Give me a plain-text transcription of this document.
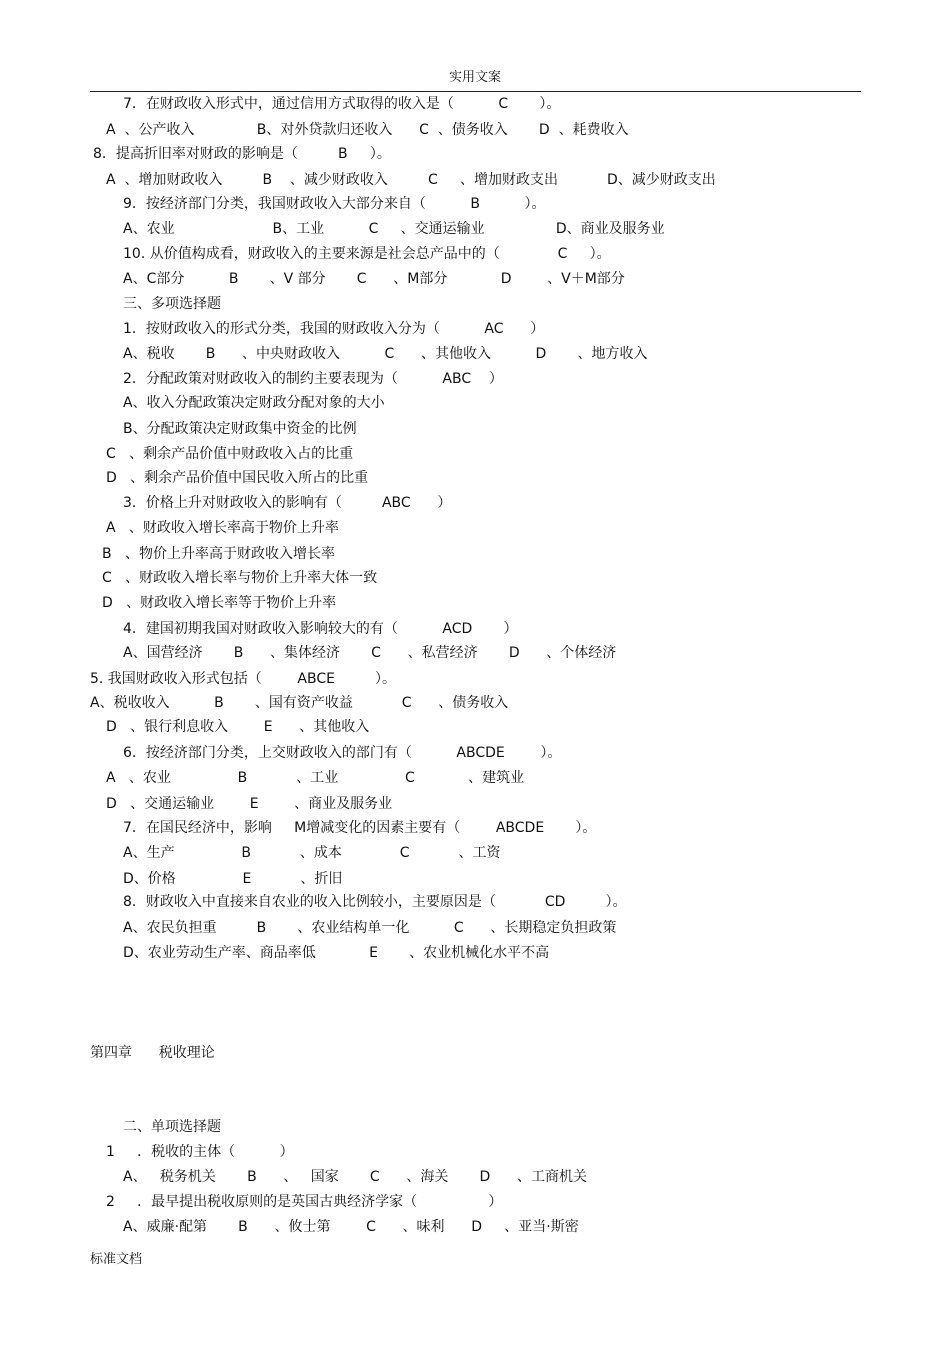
实用文案
7．在财政收入形式中，通过信用方式取得的收入是（          C       ）。
A  、公产收入              B、对外贷款归还收入      C  、债务收入       D  、耗费收入
8．提高折旧率对财政的影响是（         B     ）。
A  、增加财政收入         B    、减少财政收入         C     、增加财政支出           D、减少财政支出
9．按经济部门分类，我国财政收入大部分来自（          B          ）。
A、农业                      B、工业          C     、交通运输业                D、商业及服务业
10. 从价值构成看，财政收入的主要来源是社会总产品中的（             C     ）。
A、C部分          B       、V 部分       C      、M部分            D        、V＋M部分
三、多项选择题
1．按财政收入的形式分类，我国的财政收入分为（          AC      ）
A、税收       B      、中央财政收入          C      、其他收入          D       、地方收入
2．分配政策对财政收入的制约主要表现为（          ABC    ）
A、收入分配政策决定财政分配对象的大小
B、分配政策决定财政集中资金的比例
C   、剩余产品价值中财政收入占的比重
D   、剩余产品价值中国民收入所占的比重
3．价格上升对财政收入的影响有（         ABC      ）
A   、财政收入增长率高于物价上升率
B   、物价上升率高于财政收入增长率
C   、财政收入增长率与物价上升率大体一致
D   、财政收入增长率等于物价上升率
4．建国初期我国对财政收入影响较大的有（          ACD       ）
A、国营经济       B      、集体经济       C      、私营经济       D      、个体经济
5. 我国财政收入形式包括（        ABCE         ）。
A、税收收入          B       、国有资产收益           C      、债务收入
D   、银行利息收入        E      、其他收入
6．按经济部门分类，上交财政收入的部门有（          ABCDE        ）。
A   、农业               B           、工业               C            、建筑业
D   、交通运输业        E        、商业及服务业
7．在国民经济中，影响     M增减变化的因素主要有（        ABCDE       ）。
A、生产               B           、成本             C           、工资
D、价格               E           、折旧
8．财政收入中直接来自农业的收入比例较小，主要原因是（           CD         ）。
A、农民负担重         B       、农业结构单一化          C      、长期稳定负担政策
D、农业劳动生产率、商品率低            E       、农业机械化水平不高
第四章      税收理论
二、单项选择题
1     ．税收的主体（          ）
A、   税务机关       B      、   国家       C      、海关       D      、工商机关
2     ．最早提出税收原则的是英国古典经济学家（                ）
A、威廉·配第       B      、攸士第        C      、味利      D     、亚当·斯密
标准文档
